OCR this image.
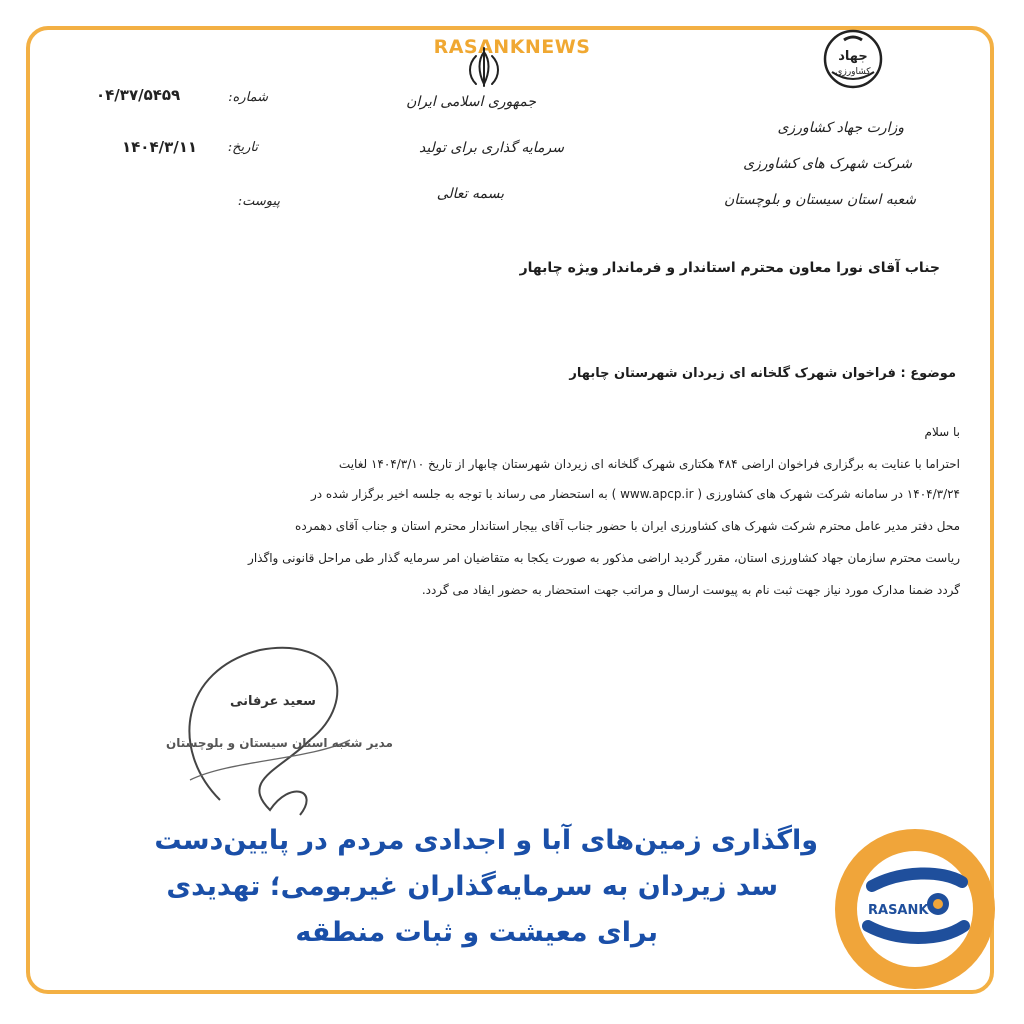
RASANKNEWS	جهاد
کشاورزی
وزارت جهاد کشاورزی
شرکت شهرک های کشاورزی
شعبه استان سیستان و بلوچستان
جمهوری اسلامی ایران
سرمایه گذاری برای تولید
بسمه تعالی
شماره:
۰۴/۳۷/۵۴۵۹
تاریخ:
۱۴۰۴/۳/۱۱
پیوست:
جناب آقای نورا معاون محترم استاندار و فرماندار ویژه چابهار
موضوع : فراخوان شهرک گلخانه ای زیردان شهرستان چابهار
با سلام
احتراما با عنایت به برگزاری فراخوان اراضی ۴۸۴ هکتاری شهرک گلخانه ای زیردان شهرستان چابهار از تاریخ ۱۴۰۴/۳/۱۰ لغایت
۱۴۰۴/۳/۲۴ در سامانه شرکت شهرک های کشاورزی ( www.apcp.ir ) به استحضار می رساند با توجه به جلسه اخیر برگزار شده در
محل دفتر مدیر عامل محترم شرکت شهرک های کشاورزی ایران با حضور جناب آقای بیجار استاندار محترم استان و جناب آقای دهمرده
ریاست محترم سازمان جهاد کشاورزی استان، مقرر گردید اراضی مذکور به صورت یکجا به متقاضیان امر سرمایه گذار طی مراحل قانونی واگذار
گردد ضمنا مدارک مورد نیاز جهت ثبت نام به پیوست ارسال و مراتب جهت استحضار به حضور ایفاد می گردد.
سعید عرفانی
مدیر شعبه استان سیستان و بلوچستان
واگذاری زمین‌های آبا و اجدادی مردم در پایین‌دست
سد زیردان به سرمایه‌گذاران غیربومی؛ تهدیدی
برای معیشت و ثبات منطقه
RASANK
